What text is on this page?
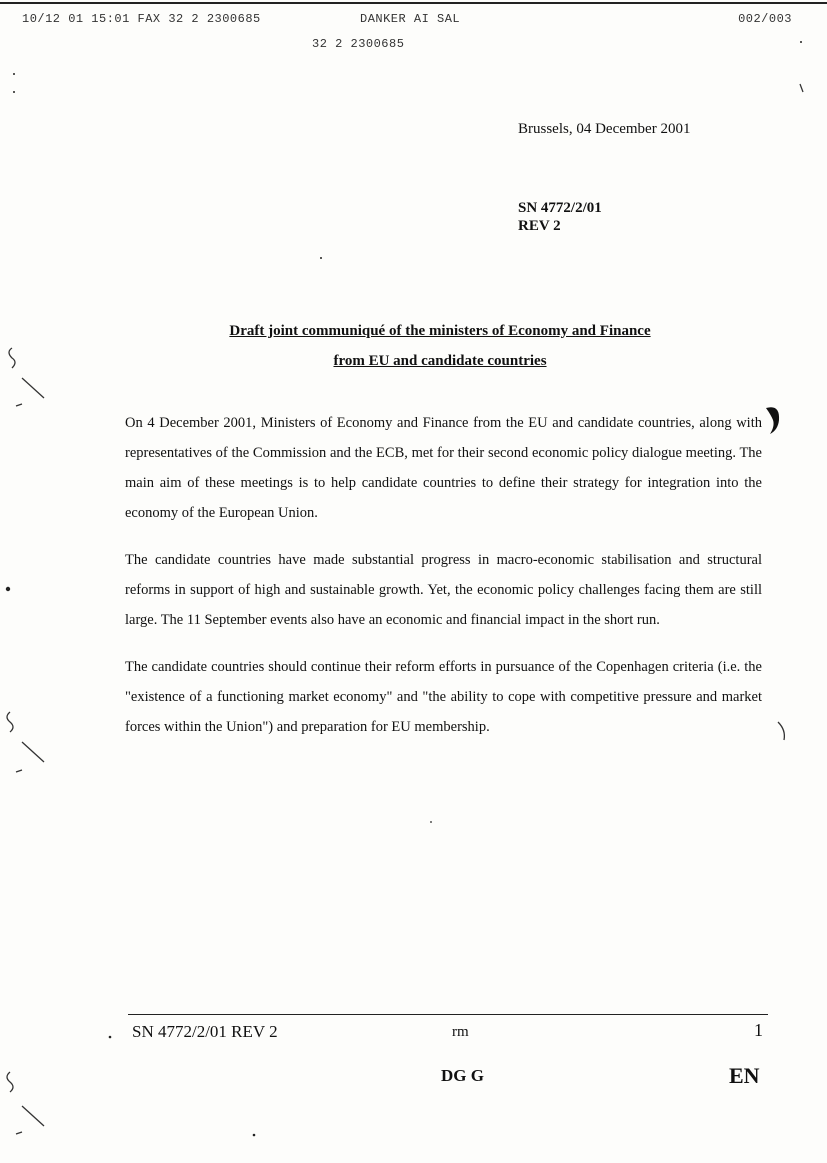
10/12 01 15:01 FAX 32 2 2300685	DANKER AI SAL	002/003
32 2 2300685
Brussels, 04 December 2001
SN 4772/2/01
REV 2
Draft joint communiqué of the ministers of Economy and Finance
from EU and candidate countries

On 4 December 2001, Ministers of Economy and Finance from the EU and candidate countries, along with representatives of the Commission and the ECB, met for their second economic policy dialogue meeting. The main aim of these meetings is to help candidate countries to define their strategy for integration into the economy of the European Union.

The candidate countries have made substantial progress in macro-economic stabilisation and structural reforms in support of high and sustainable growth. Yet, the economic policy challenges facing them are still large. The 11 September events also have an economic and financial impact in the short run.

The candidate countries should continue their reform efforts in pursuance of the Copenhagen criteria (i.e. the "existence of a functioning market economy" and "the ability to cope with competitive pressure and market forces within the Union") and preparation for EU membership.

SN 4772/2/01 REV 2	rm	1
DG G	EN
